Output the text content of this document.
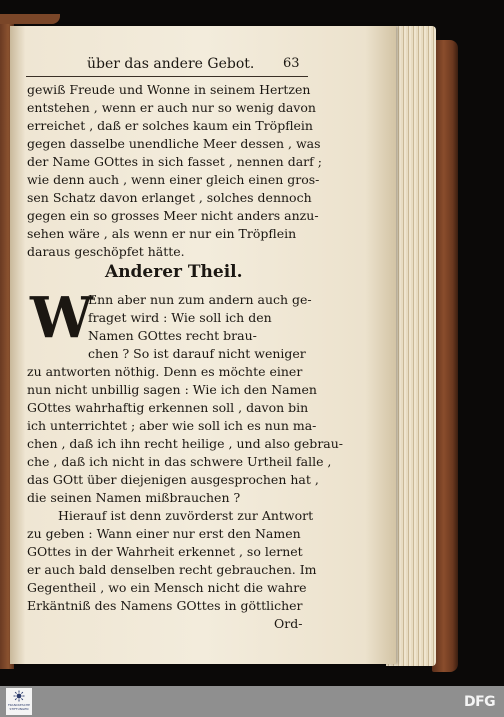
über das andere Gebot. 63
gewiß Freude und Wonne in seinem Hertzen
entstehen , wenn er auch nur so wenig davon
erreichet , daß er solches kaum ein Tröpflein
gegen dasselbe unendliche Meer dessen , was
der Name GOttes in sich fasset , nennen darf ;
wie denn auch , wenn einer gleich einen gros-
sen Schatz davon erlanget , solches dennoch
gegen ein so grosses Meer nicht anders anzu-
sehen wäre , als wenn er nur ein Tröpflein
daraus geschöpfet hätte.
Anderer Theil.
W
Enn aber nun zum andern auch ge-
fraget wird : Wie soll ich den
Namen GOttes recht brau-
chen ? So ist darauf nicht weniger
zu antworten nöthig. Denn es möchte einer
nun nicht unbillig sagen : Wie ich den Namen
GOttes wahrhaftig erkennen soll , davon bin
ich unterrichtet ; aber wie soll ich es nun ma-
chen , daß ich ihn recht heilige , und also gebrau-
che , daß ich nicht in das schwere Urtheil falle ,
das GOtt über diejenigen ausgesprochen hat ,
die seinen Namen mißbrauchen ?
Hierauf ist denn zuvörderst zur Antwort
zu geben : Wann einer nur erst den Namen
GOttes in der Wahrheit erkennet , so lernet
er auch bald denselben recht gebrauchen. Im
Gegentheil , wo ein Mensch nicht die wahre
Erkäntniß des Namens GOttes in göttlicher
Ord-
FRANCKESCHE STIFTUNGEN	DFG
